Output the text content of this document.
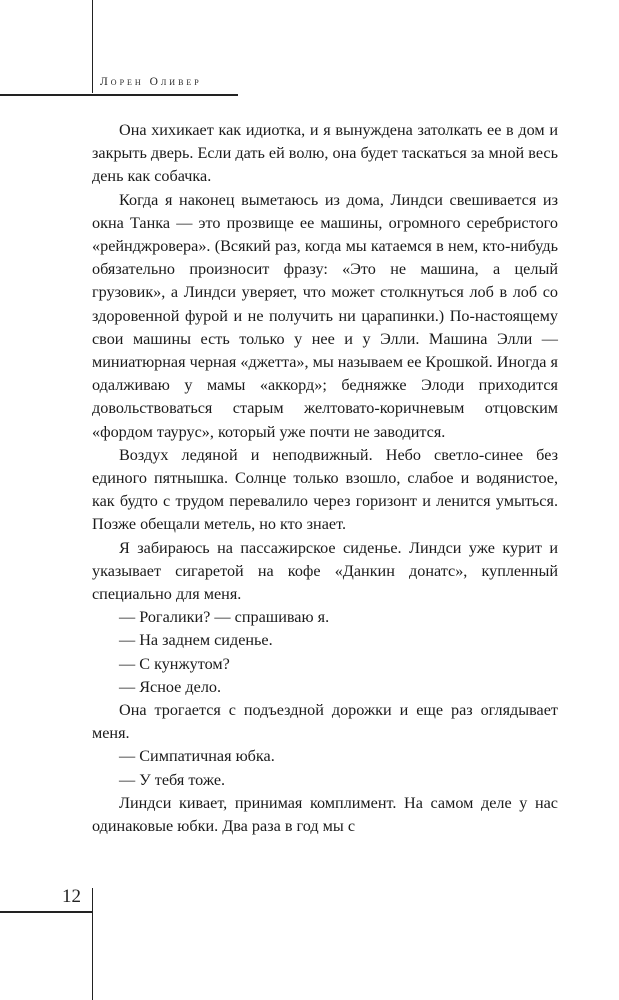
Лорен Оливер

Она хихикает как идиотка, и я вынуждена затолкать ее в дом и закрыть дверь. Если дать ей волю, она будет таскаться за мной весь день как собачка.

Когда я наконец выметаюсь из дома, Линдси свешивается из окна Танка — это прозвище ее машины, огромного серебристого «рейнджровера». (Всякий раз, когда мы катаемся в нем, кто-нибудь обязательно произносит фразу: «Это не машина, а целый грузовик», а Линдси уверяет, что может столкнуться лоб в лоб со здоровенной фурой и не получить ни царапинки.) По-настоящему свои машины есть только у нее и у Элли. Машина Элли — миниатюрная черная «джетта», мы называем ее Крошкой. Иногда я одалживаю у мамы «аккорд»; бедняжке Элоди приходится довольствоваться старым желтовато-коричневым отцовским «фордом таурус», который уже почти не заводится.

Воздух ледяной и неподвижный. Небо светло-синее без единого пятнышка. Солнце только взошло, слабое и водянистое, как будто с трудом перевалило через горизонт и ленится умыться. Позже обещали метель, но кто знает.

Я забираюсь на пассажирское сиденье. Линдси уже курит и указывает сигаретой на кофе «Данкин донатс», купленный специально для меня.

— Рогалики? — спрашиваю я.

— На заднем сиденье.

— С кунжутом?

— Ясное дело.

Она трогается с подъездной дорожки и еще раз оглядывает меня.

— Симпатичная юбка.

— У тебя тоже.

Линдси кивает, принимая комплимент. На самом деле у нас одинаковые юбки. Два раза в год мы с

12
